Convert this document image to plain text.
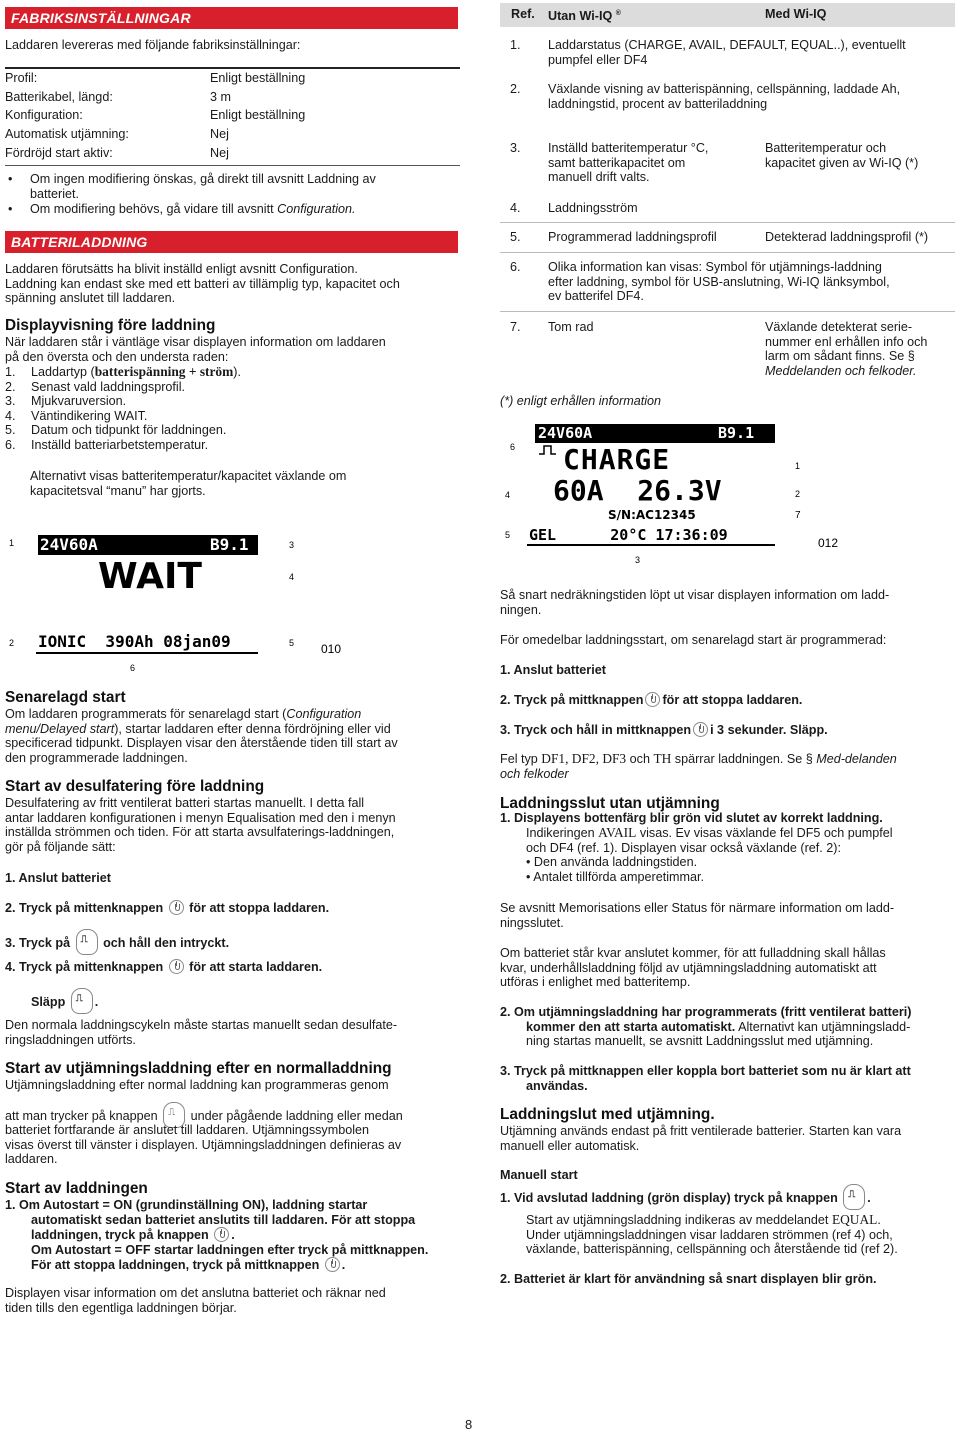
FABRIKSINSTÄLLNINGAR
Laddaren levereras med följande fabriksinställningar:
Profil:	Enligt beställning
Batterikabel, längd:	3 m
Konfiguration:	Enligt beställning
Automatisk utjämning:	Nej
Fördröjd start aktiv:	Nej
• Om ingen modifiering önskas, gå direkt till avsnitt Laddning av
batteriet.
• Om modifiering behövs, gå vidare till avsnitt Configuration.
BATTERILADDNING
Laddaren förutsätts ha blivit inställd enligt avsnitt Configuration.
Laddning kan endast ske med ett batteri av tillämplig typ, kapacitet och
spänning anslutet till laddaren.
Displayvisning före laddning
När laddaren står i väntläge visar displayen information om laddaren
på den översta och den understa raden:
1. Laddartyp (batterispänning + ström).
2. Senast vald laddningsprofil.
3. Mjukvaruversion.
4. Väntindikering WAIT.
5. Datum och tidpunkt för laddningen.
6. Inställd batteriarbetstemperatur.
Alternativt visas batteritemperatur/kapacitet växlande om
kapacitetsval “manu” har gjorts.
24V60A	B9.1
WAIT
IONIC  390Ah 08jan09
1
2
3
4
5
6
010
Senarelagd start
Om laddaren programmerats för senarelagd start (Configuration
menu/Delayed start), startar laddaren efter denna fördröjning eller vid
specificerad tidpunkt. Displayen visar den återstående tiden till start av
den programmerade laddningen.
Start av desulfatering före laddning
Desulfatering av fritt ventilerat batteri startas manuellt. I detta fall
antar laddaren konfigurationen i menyn Equalisation med den i menyn
inställda strömmen och tiden. För att starta avsulfaterings-laddningen,
gör på följande sätt:
1. Anslut batteriet
2. Tryck på mittenknappen för att stoppa laddaren.
3. Tryck på ⎍	och håll den intryckt.
4. Tryck på mittenknappen för att starta laddaren.
Släpp ⎍ .
Den normala laddningscykeln måste startas manuellt sedan desulfate-
ringsladdningen utförts.
Start av utjämningsladdning efter en normalladdning
Utjämningsladdning efter normal laddning kan programmeras genom
att man trycker på knappen ⎍	under pågående laddning eller medan
batteriet fortfarande är anslutet till laddaren. Utjämningssymbolen
visas överst till vänster i displayen. Utjämningsladdningen definieras av
laddaren.
Start av laddningen
1. Om Autostart = ON (grundinställning ON), laddning startar
automatiskt sedan batteriet anslutits till laddaren. För att stoppa
laddningen, tryck på knappen .
Om Autostart = OFF startar laddningen efter tryck på mittknappen.
För att stoppa laddningen, tryck på mittknappen .
Displayen visar information om det anslutna batteriet och räknar ned
tiden tills den egentliga laddningen börjar.
Ref. Utan Wi-IQ ®	Med Wi-IQ
1. Laddarstatus (CHARGE, AVAIL, DEFAULT, EQUAL..), eventuellt
pumpfel eller DF4
2. Växlande visning av batterispänning, cellspänning, laddade Ah,
laddningstid, procent av batteriladdning
3. Inställd batteritemperatur °C,
samt batterikapacitet om
manuell drift valts.
Batteritemperatur och
kapacitet given av Wi-IQ (*)
4. Laddningsström
5. Programmerad laddningsprofil	Detekterad laddningsprofil (*)
6. Olika information kan visas: Symbol för utjämnings-laddning
efter laddning, symbol för USB-anslutning, Wi-IQ länksymbol,
ev batterifel DF4.
7. Tom rad	Växlande detekterat serie-
nummer enl erhållen info och
larm om sådant finns. Se §
Meddelanden och felkoder.
(*) enligt erhållen information
24V60A	B9.1
CHARGE
60A  26.3V
S/N:AC12345
GEL      20°C 17:36:09
6
4
5
3
1
2
7
012
Så snart nedräkningstiden löpt ut visar displayen information om ladd-
ningen.
För omedelbar laddningsstart, om senarelagd start är programmerad:
1. Anslut batteriet
2. Tryck på mittknappen för att stoppa laddaren.
3. Tryck och håll in mittknappen i 3 sekunder. Släpp.
Fel typ DF1, DF2, DF3 och TH spärrar laddningen. Se § Med-delanden
och felkoder
Laddningsslut utan utjämning
1. Displayens bottenfärg blir grön vid slutet av korrekt laddning.
Indikeringen AVAIL visas. Ev visas växlande fel DF5 och pumpfel
och DF4 (ref. 1). Displayen visar också växlande (ref. 2):
• Den använda laddningstiden.
• Antalet tillförda amperetimmar.
Se avsnitt Memorisations eller Status för närmare information om ladd-
ningsslutet.
Om batteriet står kvar anslutet kommer, för att fulladdning skall hållas
kvar, underhållsladdning följd av utjämningsladdning automatiskt att
utföras i enlighet med batteritemp.
2. Om utjämningsladdning har programmerats (fritt ventilerat batteri)
kommer den att starta automatiskt. Alternativt kan utjämningsladd-
ning startas manuellt, se avsnitt Laddningsslut med utjämning.
3. Tryck på mittknappen eller koppla bort batteriet som nu är klart att
användas.
Laddningslut med utjämning.
Utjämning används endast på fritt ventilerade batterier. Starten kan vara
manuell eller automatisk.
Manuell start
1. Vid avslutad laddning (grön display) tryck på knappen ⎍ .
Start av utjämningsladdning indikeras av meddelandet EQUAL.
Under utjämningsladdningen visar laddaren strömmen (ref 4) och,
växlande, batterispänning, cellspänning och återstående tid (ref 2).
2. Batteriet är klart för användning så snart displayen blir grön.
8
